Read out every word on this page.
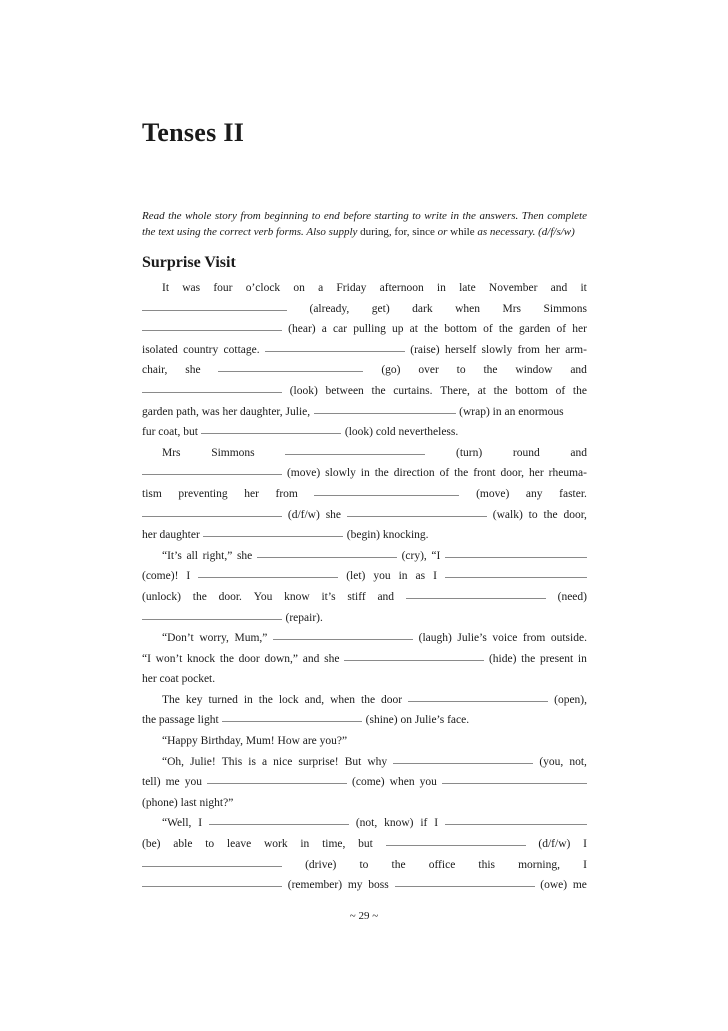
Tenses II

Read the whole story from beginning to end before starting to write in the answers. Then complete the text using the correct verb forms. Also supply during, for, since or while as necessary. (d/f/s/w)

Surprise Visit
It was four o’clock on a Friday afternoon in late November and it
(already, get) dark when Mrs Simmons
(hear) a car pulling up at the bottom of the garden of her
isolated country cottage.	(raise) herself slowly from her arm-
chair, she	(go) over to the window and
(look) between the curtains. There, at the bottom of the
garden path, was her daughter, Julie,	(wrap) in an enormous
fur coat, but	(look) cold nevertheless.
Mrs	Simmons	(turn)	round	and
(move) slowly in the direction of the front door, her rheuma-
tism preventing her from	(move) any faster.
(d/f/w) she	(walk) to the door,
her daughter	(begin) knocking.
“It’s all right,” she	(cry), “I
(come)! I	(let) you in as I
(unlock) the door. You know it’s stiff and	(need)
(repair).
“Don’t worry, Mum,”	(laugh) Julie’s voice from outside.
“I won’t knock the door down,” and she	(hide) the present in
her coat pocket.
The key turned in the lock and, when the door	(open),
the passage light	(shine) on Julie’s face.
“Happy Birthday, Mum! How are you?”
“Oh, Julie! This is a nice surprise! But why	(you, not,
tell) me you	(come) when you
(phone) last night?”
“Well, I	(not, know) if I
(be) able to leave work in time, but	(d/f/w) I
(drive) to the office this morning, I
(remember) my boss	(owe) me
~ 29 ~
